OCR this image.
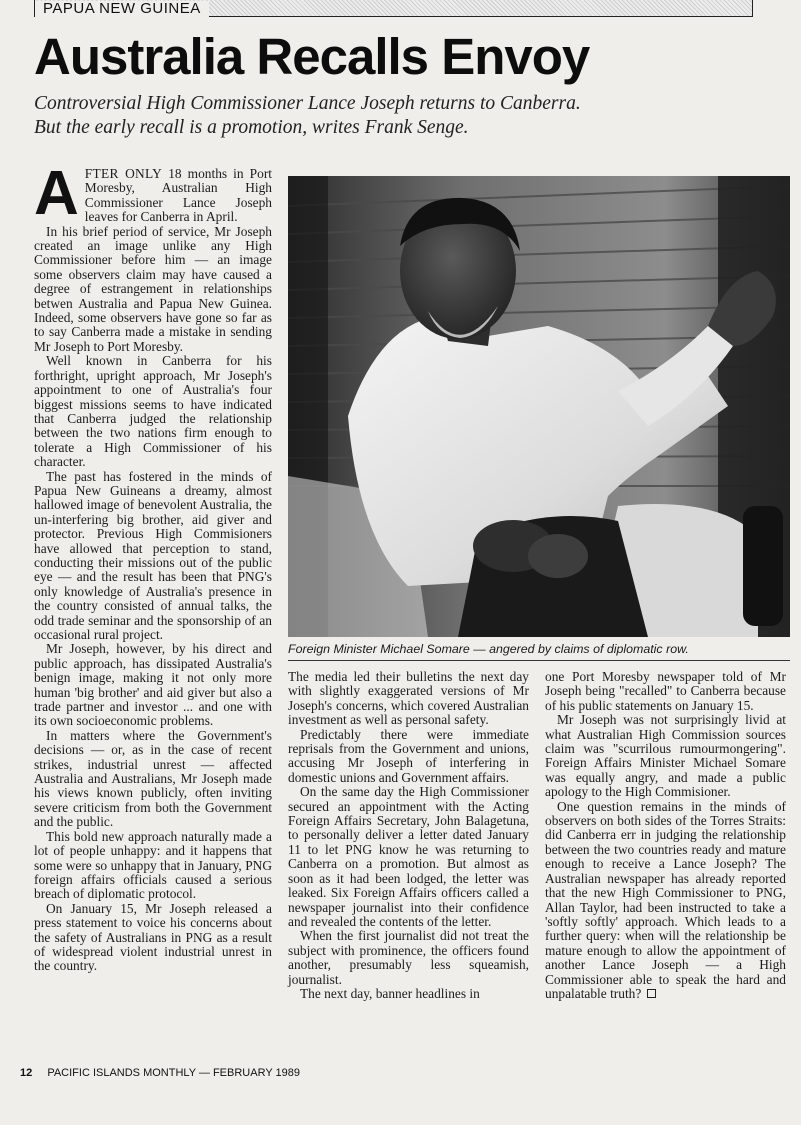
PAPUA NEW GUINEA
Australia Recalls Envoy
Controversial High Commissioner Lance Joseph returns to Canberra.
But the early recall is a promotion, writes Frank Senge.

AFTER ONLY 18 months in Port Moresby, Australian High Commissioner Lance Joseph leaves for Canberra in April.

In his brief period of service, Mr Joseph created an image unlike any High Commissioner before him — an image some observers claim may have caused a degree of estrangement in relationships betwen Australia and Papua New Guinea. Indeed, some observers have gone so far as to say Canberra made a mistake in sending Mr Joseph to Port Moresby.

Well known in Canberra for his forthright, upright approach, Mr Joseph's appointment to one of Australia's four biggest missions seems to have indicated that Canberra judged the relationship between the two nations firm enough to tolerate a High Commissioner of his character.

The past has fostered in the minds of Papua New Guineans a dreamy, almost hallowed image of benevolent Australia, the un-interfering big brother, aid giver and protector. Previous High Commisioners have allowed that perception to stand, conducting their missions out of the public eye — and the result has been that PNG's only knowledge of Australia's presence in the country consisted of annual talks, the odd trade seminar and the sponsorship of an occasional rural project.

Mr Joseph, however, by his direct and public approach, has dissipated Australia's benign image, making it not only more human 'big brother' and aid giver but also a trade partner and investor ... and one with its own socioeconomic problems.

In matters where the Government's decisions — or, as in the case of recent strikes, industrial unrest — affected Australia and Australians, Mr Joseph made his views known publicly, often inviting severe criticism from both the Government and the public.

This bold new approach naturally made a lot of people unhappy: and it happens that some were so unhappy that in January, PNG foreign affairs officials caused a serious breach of diplomatic protocol.

On January 15, Mr Joseph released a press statement to voice his concerns about the safety of Australians in PNG as a result of widespread violent industrial unrest in the country.

Foreign Minister Michael Somare — angered by claims of diplomatic row.

The media led their bulletins the next day with slightly exaggerated versions of Mr Joseph's concerns, which covered Australian investment as well as personal safety.

Predictably there were immediate reprisals from the Government and unions, accusing Mr Joseph of interfering in domestic unions and Government affairs.

On the same day the High Commissioner secured an appointment with the Acting Foreign Affairs Secretary, John Balagetuna, to personally deliver a letter dated January 11 to let PNG know he was returning to Canberra on a promotion. But almost as soon as it had been lodged, the letter was leaked. Six Foreign Affairs officers called a newspaper journalist into their confidence and revealed the contents of the letter.

When the first journalist did not treat the subject with prominence, the officers found another, presumably less squeamish, journalist.

The next day, banner headlines in

one Port Moresby newspaper told of Mr Joseph being "recalled" to Canberra because of his public statements on January 15.

Mr Joseph was not surprisingly livid at what Australian High Commission sources claim was "scurrilous rumourmongering". Foreign Affairs Minister Michael Somare was equally angry, and made a public apology to the High Commisioner.

One question remains in the minds of observers on both sides of the Torres Straits: did Canberra err in judging the relationship between the two countries ready and mature enough to receive a Lance Joseph? The Australian newspaper has already reported that the new High Commissioner to PNG, Allan Taylor, had been instructed to take a 'softly softly' approach. Which leads to a further query: when will the relationship be mature enough to allow the appointment of another Lance Joseph — a High Commissioner able to speak the hard and unpalatable truth?

12 PACIFIC ISLANDS MONTHLY — FEBRUARY 1989
